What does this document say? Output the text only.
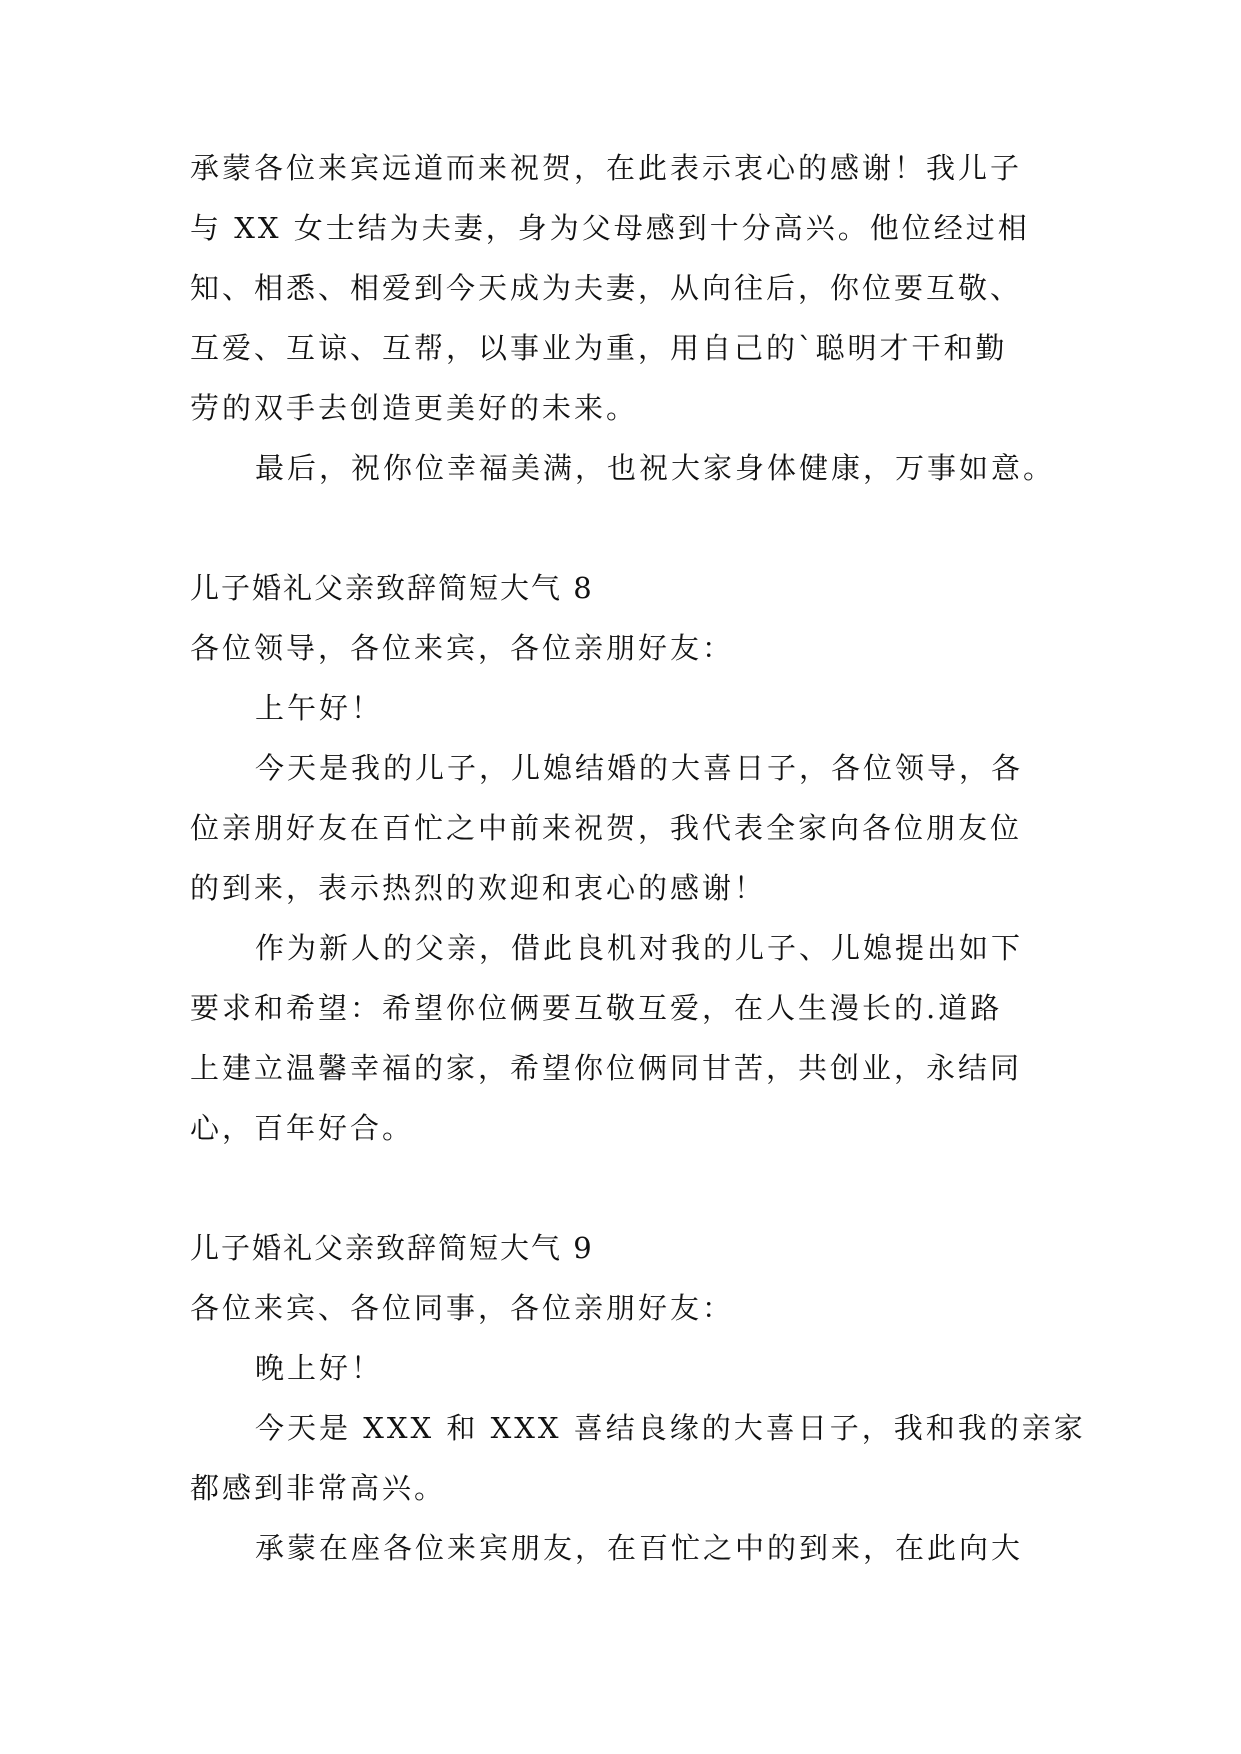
承蒙各位来宾远道而来祝贺，在此表示衷心的感谢！我儿子
与 XX 女士结为夫妻，身为父母感到十分高兴。他位经过相
知、相悉、相爱到今天成为夫妻，从向往后，你位要互敬、
互爱、互谅、互帮，以事业为重，用自己的`聪明才干和勤
劳的双手去创造更美好的未来。
最后，祝你位幸福美满，也祝大家身体健康，万事如意。
儿子婚礼父亲致辞简短大气 8
各位领导，各位来宾，各位亲朋好友：
上午好！
今天是我的儿子，儿媳结婚的大喜日子，各位领导，各
位亲朋好友在百忙之中前来祝贺，我代表全家向各位朋友位
的到来，表示热烈的欢迎和衷心的感谢！
作为新人的父亲，借此良机对我的儿子、儿媳提出如下
要求和希望：希望你位俩要互敬互爱，在人生漫长的.道路
上建立温馨幸福的家，希望你位俩同甘苦，共创业，永结同
心，百年好合。
儿子婚礼父亲致辞简短大气 9
各位来宾、各位同事，各位亲朋好友：
晚上好！
今天是 XXX 和 XXX 喜结良缘的大喜日子，我和我的亲家
都感到非常高兴。
承蒙在座各位来宾朋友，在百忙之中的到来，在此向大
